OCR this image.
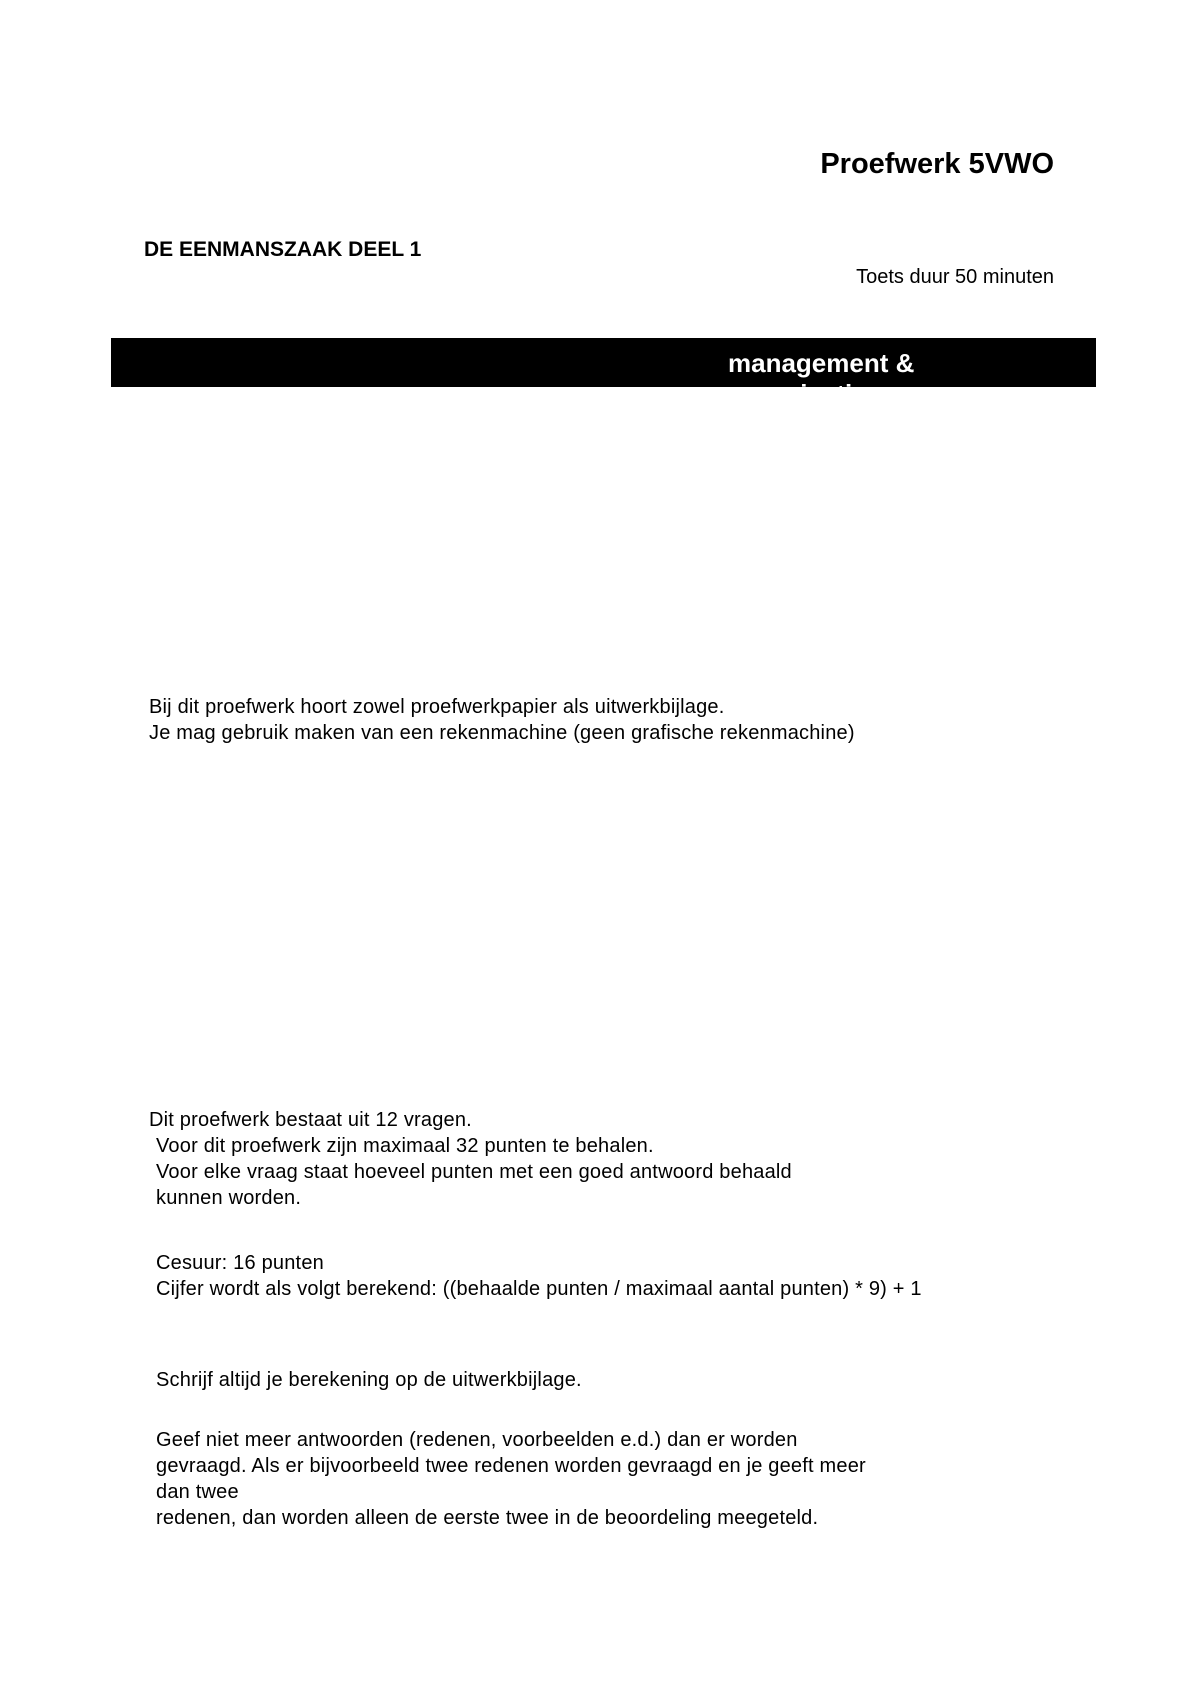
Proefwerk 5VWO
DE EENMANSZAAK DEEL 1
Toets duur 50 minuten
management & organisatie

Bij dit proefwerk hoort zowel proefwerkpapier als uitwerkbijlage.

Je mag gebruik maken van een rekenmachine (geen grafische rekenmachine)

Dit proefwerk bestaat uit 12 vragen.

Voor dit proefwerk zijn maximaal 32 punten te behalen.

Voor elke vraag staat hoeveel punten met een goed antwoord behaald

kunnen worden.

Cesuur: 16 punten

Cijfer wordt als volgt berekend: ((behaalde punten / maximaal aantal punten) * 9) + 1

Schrijf altijd je berekening op de uitwerkbijlage.

Geef niet meer antwoorden (redenen, voorbeelden e.d.) dan er worden

gevraagd. Als er bijvoorbeeld twee redenen worden gevraagd en je geeft meer

dan twee

redenen, dan worden alleen de eerste twee in de beoordeling meegeteld.
